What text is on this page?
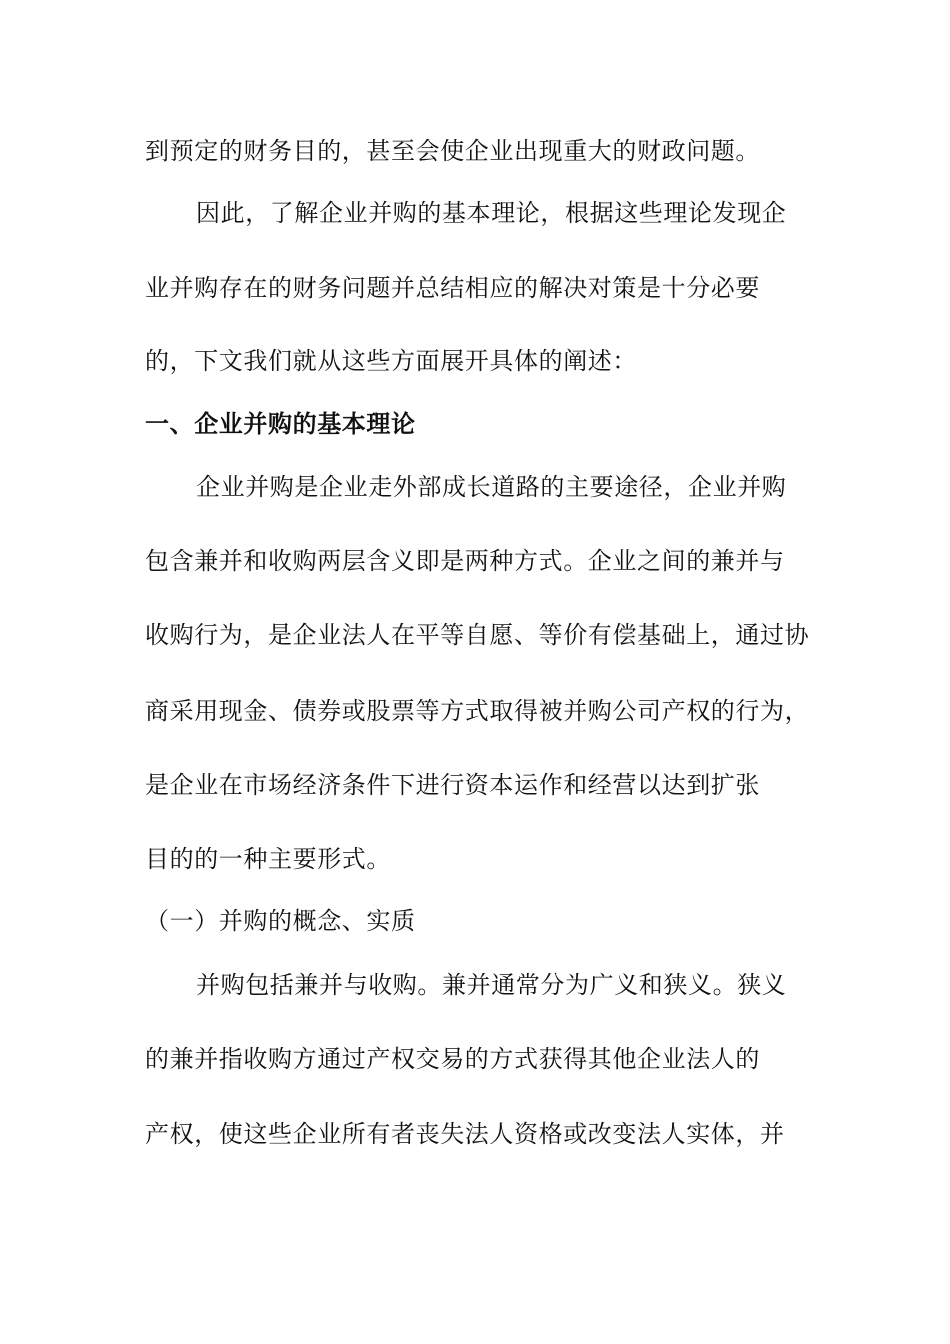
到预定的财务目的，甚至会使企业出现重大的财政问题。
因此，了解企业并购的基本理论，根据这些理论发现企
业并购存在的财务问题并总结相应的解决对策是十分必要
的，下文我们就从这些方面展开具体的阐述：
一、企业并购的基本理论
企业并购是企业走外部成长道路的主要途径，企业并购
包含兼并和收购两层含义即是两种方式。企业之间的兼并与
收购行为，是企业法人在平等自愿、等价有偿基础上，通过协
商采用现金、债券或股票等方式取得被并购公司产权的行为，
是企业在市场经济条件下进行资本运作和经营以达到扩张
目的的一种主要形式。
（一）并购的概念、实质
并购包括兼并与收购。兼并通常分为广义和狭义。狭义
的兼并指收购方通过产权交易的方式获得其他企业法人的
产权，使这些企业所有者丧失法人资格或改变法人实体，并
